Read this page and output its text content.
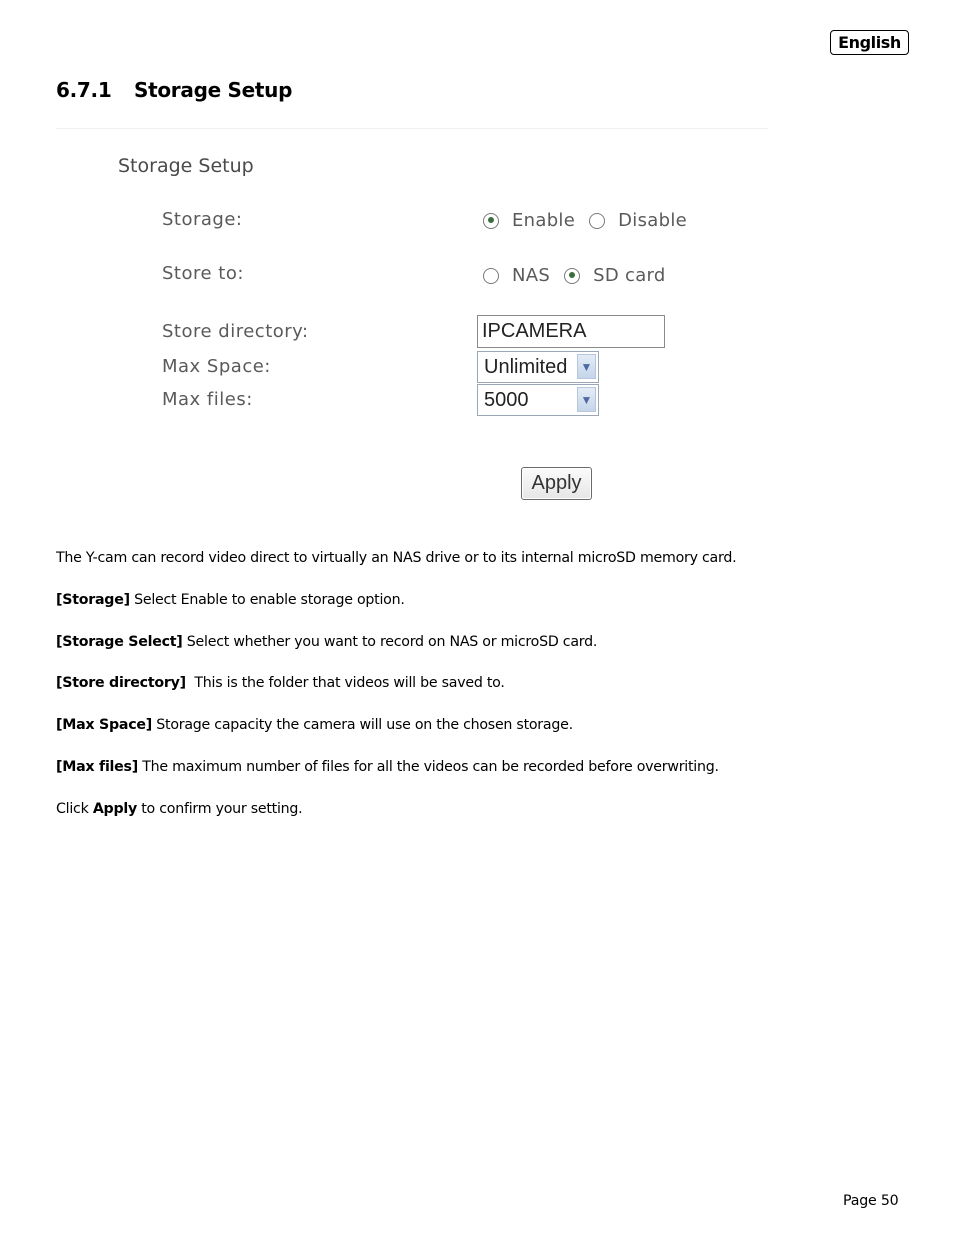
English
6.7.1 Storage Setup
Storage Setup
Storage:	Enable Disable
Store to:	NAS SD card
Store directory:
IPCAMERA
Max Space:	Unlimited ▼
Max files:	5000	▼
Apply
The Y-cam can record video direct to virtually an NAS drive or to its internal microSD memory card.
[Storage] Select Enable to enable storage option.
[Storage Select] Select whether you want to record on NAS or microSD card.
[Store directory]  This is the folder that videos will be saved to.
[Max Space] Storage capacity the camera will use on the chosen storage.
[Max files] The maximum number of files for all the videos can be recorded before overwriting.
Click Apply to confirm your setting.
Page 50
